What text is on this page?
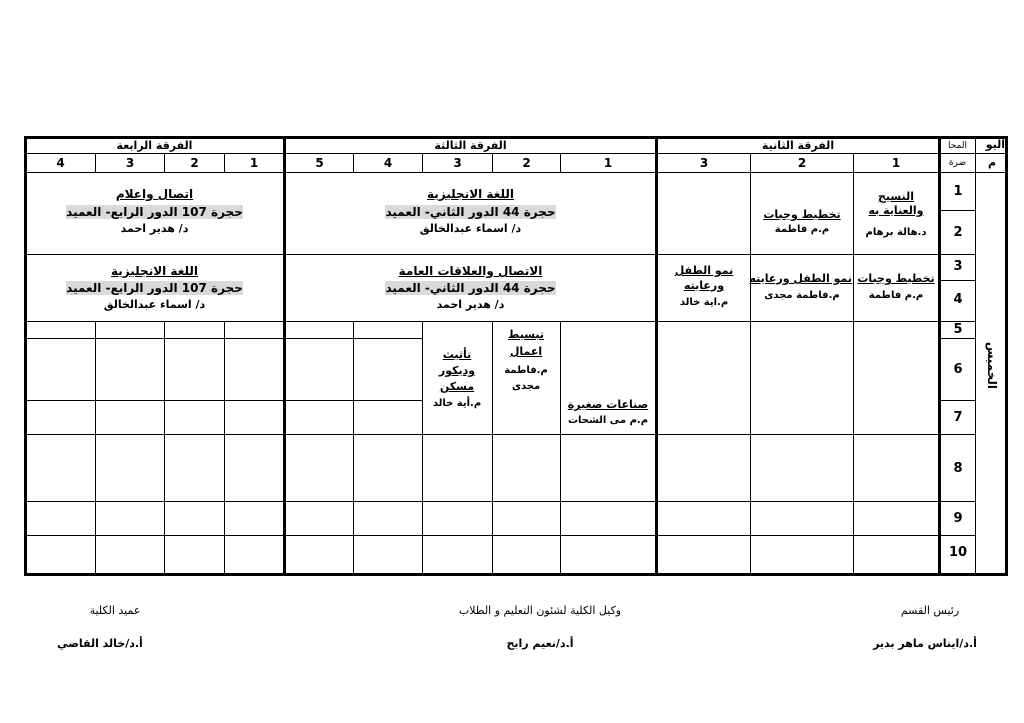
اليو
م
المحا
ضرة
الفرقة الثانية
الفرقة الثالثة
الفرقة الرابعة
1
2
3
1
2
3
4
5
1
2
3
4
الخميس
1
2
3
4
5
6
7
8
9
10
النسيج والعناية به
د.هالة برهام
تخطيط وجبات
م.م فاطمة
تخطيط وجبات
م.م فاطمة
نمو الطفل ورعايته
م.فاطمة مجدى
نمو الطفل
ورعايته
م.اية خالد
اللغة الانجليزية
حجرة 44 الدور الثاني- العميد
د/ اسماء عبدالخالق
الاتصال والعلاقات العامة
حجرة 44 الدور الثاني- العميد
د/ هدير احمد
صناعات صغيرة
م.م مى الشحات
تبسيط
اعمال
م.فاطمة
مجدى
تأثيث
وديكور
مسكن
م.أية خالد
اتصال واعلام
حجرة 107 الدور الرابع- العميد
د/ هدير احمد
اللغة الانجليزية
حجرة 107 الدور الرابع- العميد
د/ اسماء عبدالخالق
رئيس القسم
أ.د/ايناس ماهر بدير
وكيل الكلية لشئون التعليم و الطلاب
أ.د/نعيم رابح
عميد الكلية
أ.د/خالد القاضي
